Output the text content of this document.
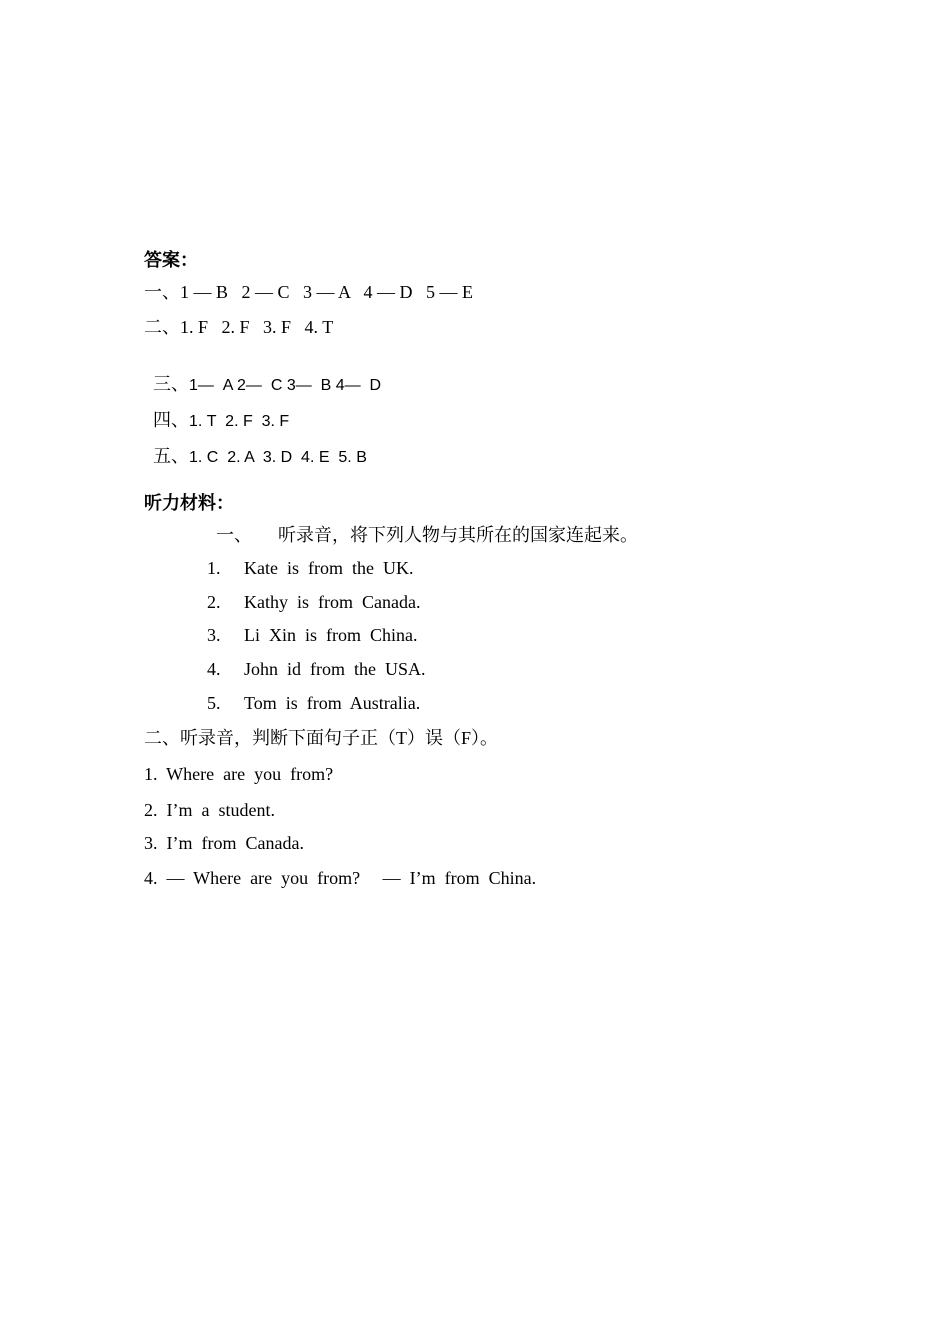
答案：
一、1 — B   2 — C   3 — A   4 — D   5 — E
二、1. F   2. F   3. F   4. T

三、1—  A 2—  C 3—  B 4—  D

四、1. T  2. F  3. F

五、1. C  2. A  3. D  4. E  5. B

听力材料：
一、 听录音，将下列人物与其所在的国家连起来。
1. Kate  is  from  the  UK.
2. Kathy  is  from  Canada.
3. Li  Xin  is  from  China.
4. John  id  from  the  USA.
5. Tom  is  from  Australia.
二、听录音，判断下面句子正（T）误（F）。
1.  Where  are  you  from?
2.  I’m  a  student.
3.  I’m  from  Canada.
4.  —  Where  are  you  from?     —  I’m  from  China.
